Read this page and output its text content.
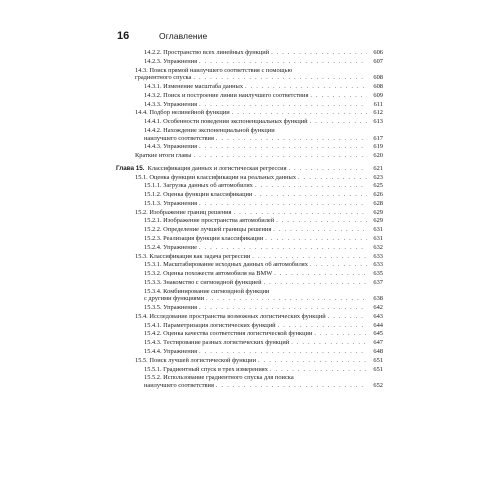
16	Оглавление
14.2.2. Пространство всех линейных функций . . .	606
14.2.3. Упражнения . . .	607
14.3. Поиск прямой наилучшего соответствия с помощью
градиентного спуска . . .	608
14.3.1. Изменение масштаба данных . . .	608
14.3.2. Поиск и построение линии наилучшего соответствия . . .	609
14.3.3. Упражнения . . .	611
14.4. Подбор нелинейной функции . . .	612
14.4.1. Особенности поведения экспоненциальных функций . . .	613
14.4.2. Нахождение экспоненциальной функции
наилучшего соответствия . . .	617
14.4.3. Упражнения . . .	619
Краткие итоги главы . . .	620
Глава 15. Классификация данных и логистическая регрессия . . .	621
15.1. Оценка функции классификации на реальных данных . . .	623
15.1.1. Загрузка данных об автомобилях . . .	625
15.1.2. Оценка функции классификации . . .	626
15.1.3. Упражнения . . .	628
15.2. Изображение границ решения . . .	629
15.2.1. Изображение пространства автомобилей . . .	629
15.2.2. Определение лучшей границы решения . . .	631
15.2.3. Реализация функции классификации . . .	631
15.2.4. Упражнение . . .	632
15.3. Классификация как задача регрессии . . .	633
15.3.1. Масштабирование исходных данных об автомобилях . . .	633
15.3.2. Оценка похожести автомобиля на BMW . . .	635
15.3.3. Знакомство с сигмоидной функцией . . .	637
15.3.4. Комбинирование сигмоидной функции
с другими функциями . . .	638
15.3.5. Упражнения . . .	642
15.4. Исследование пространства возможных логистических функций . . .	643
15.4.1. Параметризация логистических функций . . .	644
15.4.2. Оценка качества соответствия логистической функции . . .	645
15.4.3. Тестирование разных логистических функций . . .	647
15.4.4. Упражнения . . .	648
15.5. Поиск лучшей логистической функции . . .	651
15.5.1. Градиентный спуск в трех измерениях . . .	651
15.5.2. Использование градиентного спуска для поиска
наилучшего соответствия . . .	652
